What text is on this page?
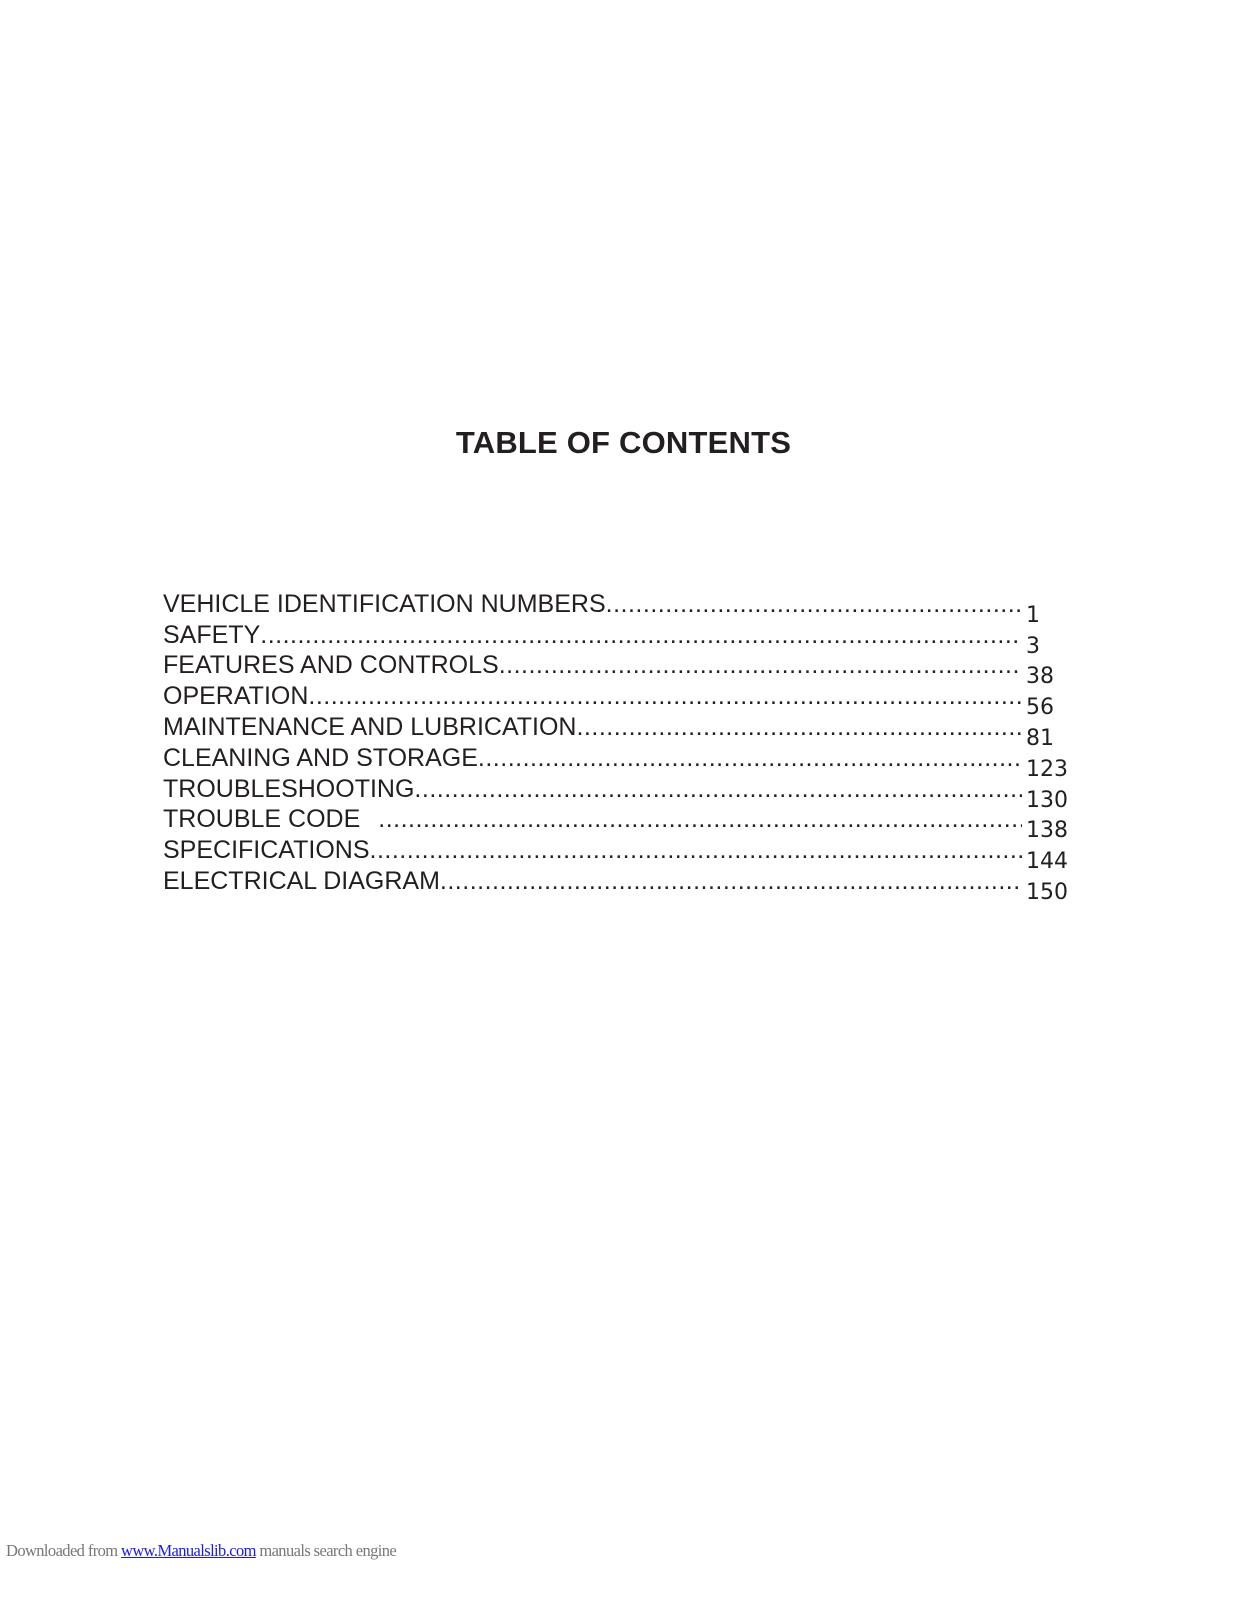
TABLE OF CONTENTS
VEHICLE IDENTIFICATION NUMBERS .....	1
SAFETY .....	3
FEATURES AND CONTROLS .....	38
OPERATION .....	56
MAINTENANCE AND LUBRICATION .....	81
CLEANING AND STORAGE .....	123
TROUBLESHOOTING .....	130
TROUBLE CODE .....	138
SPECIFICATIONS .....	144
ELECTRICAL DIAGRAM .....	150
Downloaded from www.Manualslib.com manuals search engine
